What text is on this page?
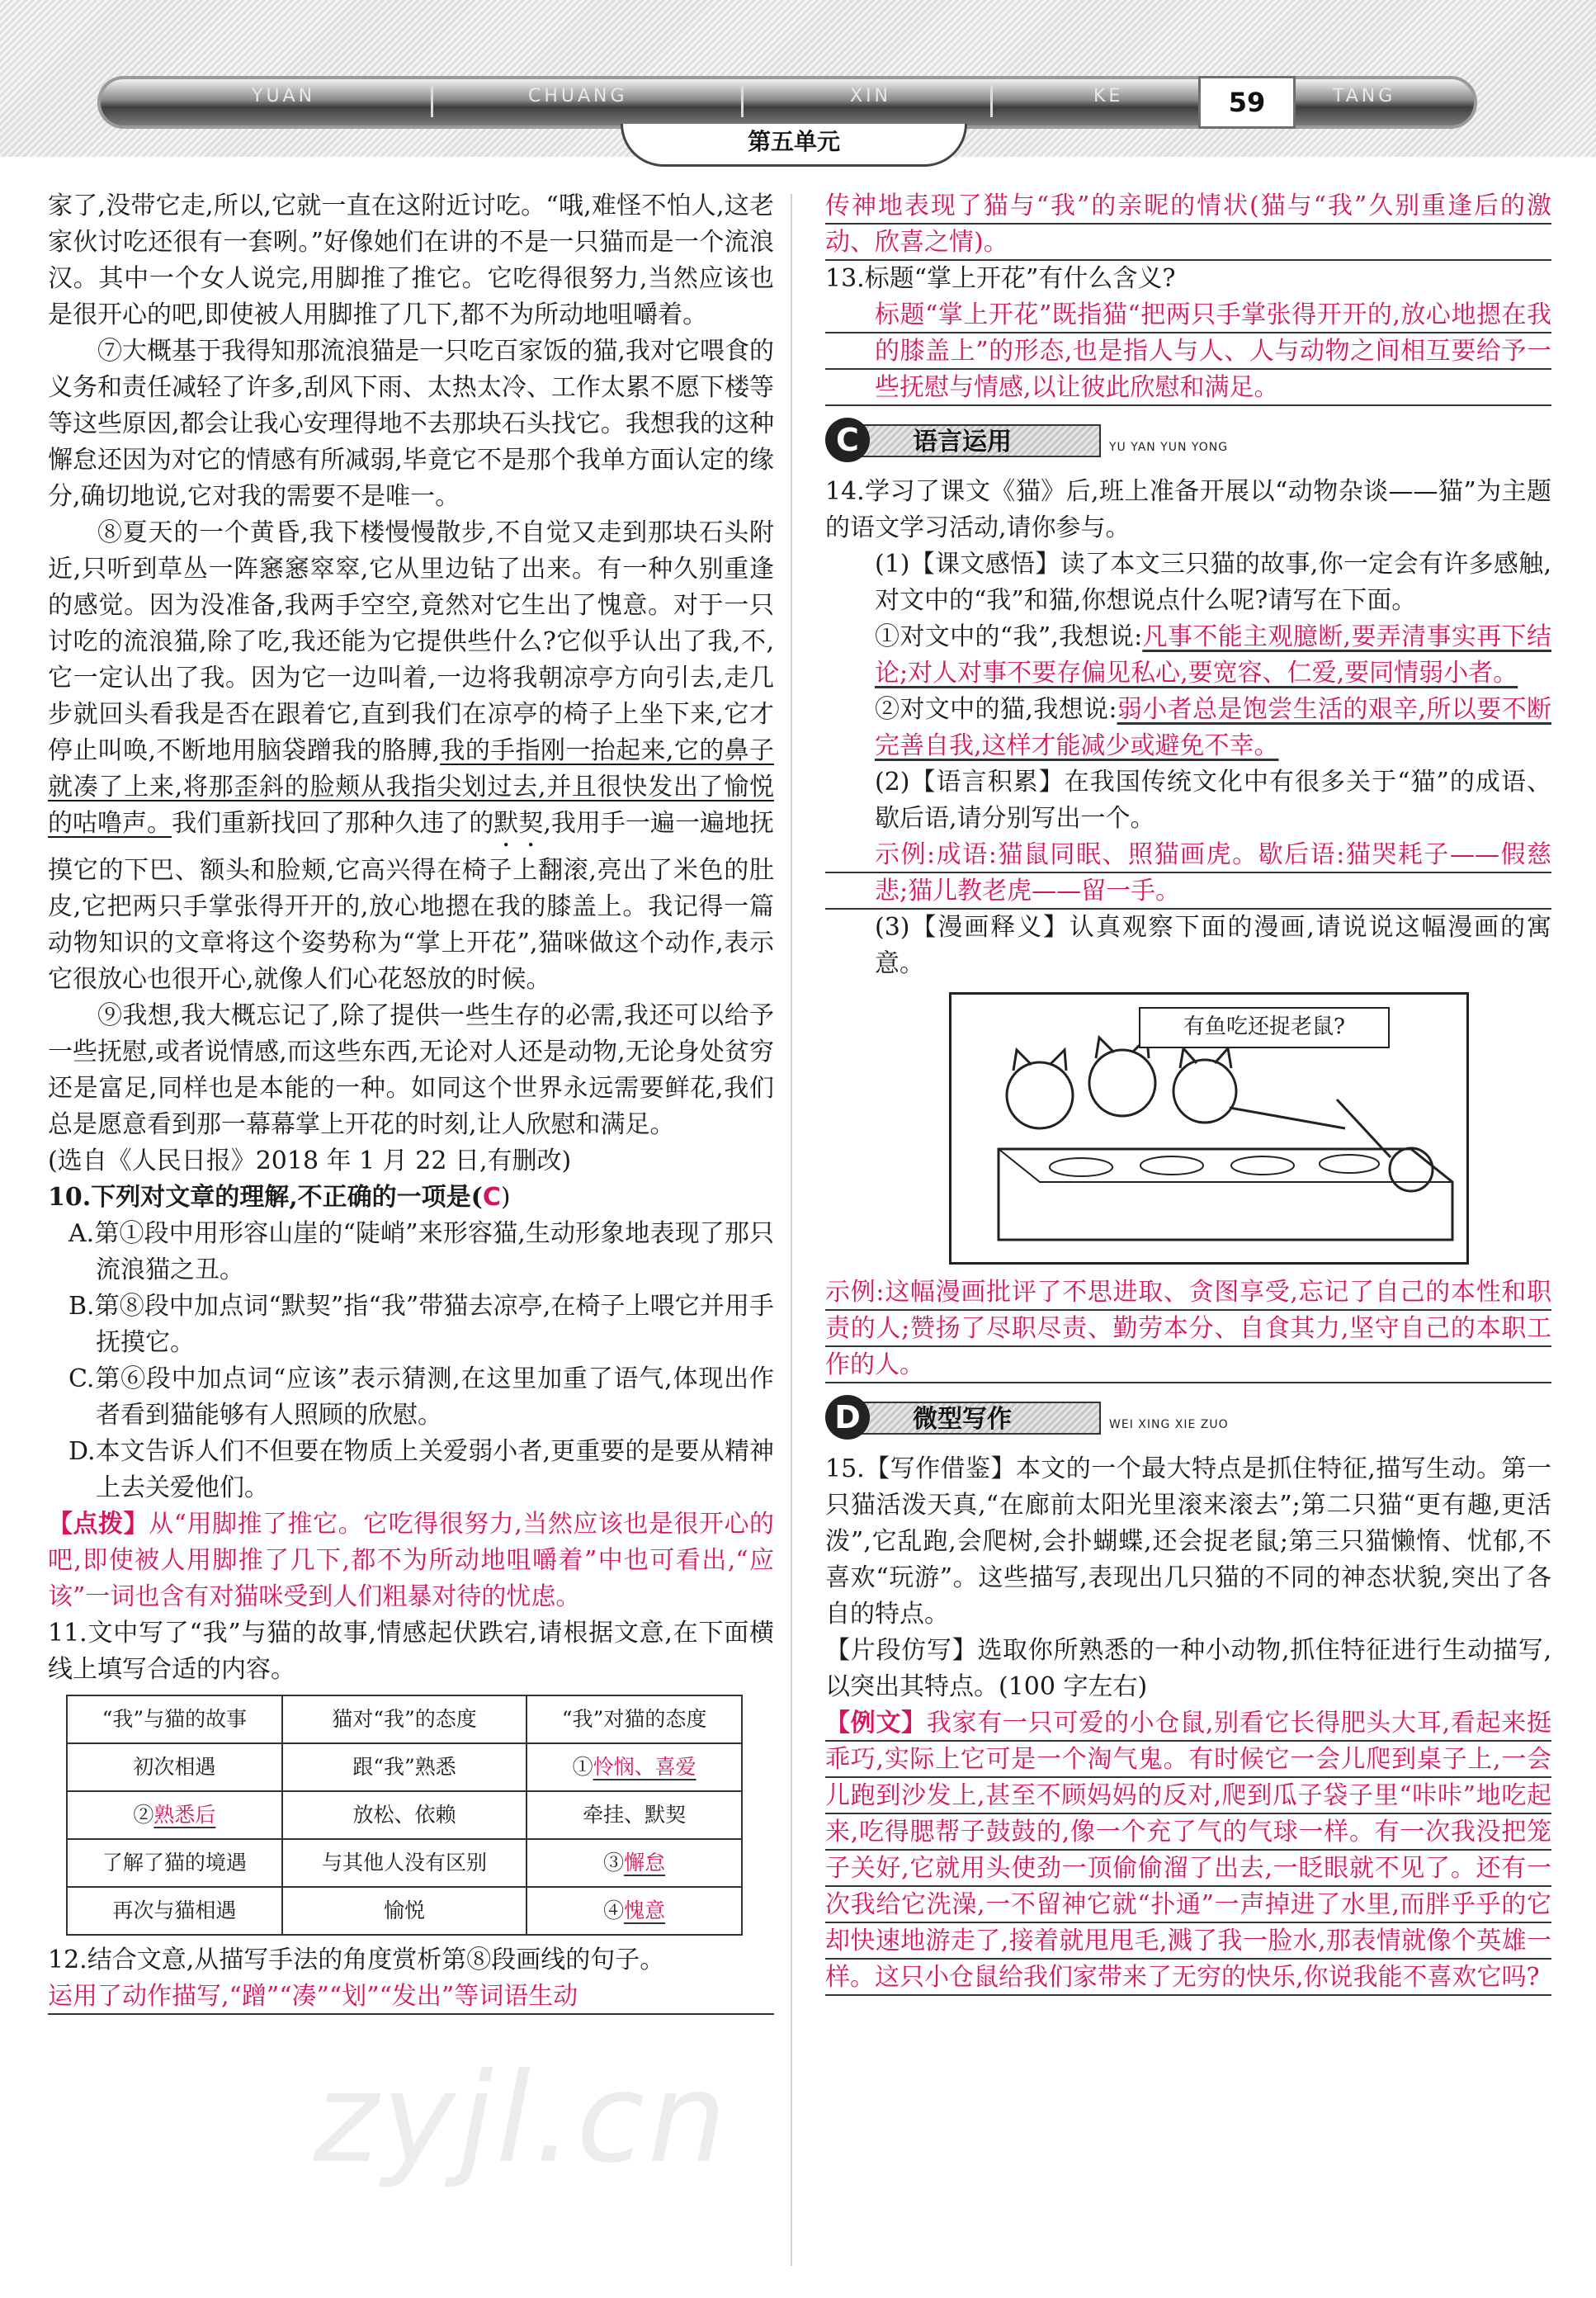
YUAN	CHUANG	XIN	KE	59	TANG
第五单元

家了,没带它走,所以,它就一直在这附近讨吃。“哦,难怪不怕人,这老家伙讨吃还很有一套咧。”好像她们在讲的不是一只猫而是一个流浪汉。其中一个女人说完,用脚推了推它。它吃得很努力,当然应该也是很开心的吧,即使被人用脚推了几下,都不为所动地咀嚼着。

⑦大概基于我得知那流浪猫是一只吃百家饭的猫,我对它喂食的义务和责任减轻了许多,刮风下雨、太热太冷、工作太累不愿下楼等等这些原因,都会让我心安理得地不去那块石头找它。我想我的这种懈怠还因为对它的情感有所减弱,毕竟它不是那个我单方面认定的缘分,确切地说,它对我的需要不是唯一。

⑧夏天的一个黄昏,我下楼慢慢散步,不自觉又走到那块石头附近,只听到草丛一阵窸窸窣窣,它从里边钻了出来。有一种久别重逢的感觉。因为没准备,我两手空空,竟然对它生出了愧意。对于一只讨吃的流浪猫,除了吃,我还能为它提供些什么?它似乎认出了我,不,它一定认出了我。因为它一边叫着,一边将我朝凉亭方向引去,走几步就回头看我是否在跟着它,直到我们在凉亭的椅子上坐下来,它才停止叫唤,不断地用脑袋蹭我的胳膊,我的手指刚一抬起来,它的鼻子就凑了上来,将那歪斜的脸颊从我指尖划过去,并且很快发出了愉悦的咕噜声。我们重新找回了那种久违了的默契,我用手一遍一遍地抚摸它的下巴、额头和脸颊,它高兴得在椅子上翻滚,亮出了米色的肚皮,它把两只手掌张得开开的,放心地摁在我的膝盖上。我记得一篇动物知识的文章将这个姿势称为“掌上开花”,猫咪做这个动作,表示它很放心也很开心,就像人们心花怒放的时候。

⑨我想,我大概忘记了,除了提供一些生存的必需,我还可以给予一些抚慰,或者说情感,而这些东西,无论对人还是动物,无论身处贫穷还是富足,同样也是本能的一种。如同这个世界永远需要鲜花,我们总是愿意看到那一幕幕掌上开花的时刻,让人欣慰和满足。

(选自《人民日报》2018 年 1 月 22 日,有删改)

10.下列对文章的理解,不正确的一项是(C)

A.第①段中用形容山崖的“陡峭”来形容猫,生动形象地表现了那只流浪猫之丑。

B.第⑧段中加点词“默契”指“我”带猫去凉亭,在椅子上喂它并用手抚摸它。

C.第⑥段中加点词“应该”表示猜测,在这里加重了语气,体现出作者看到猫能够有人照顾的欣慰。

D.本文告诉人们不但要在物质上关爱弱小者,更重要的是要从精神上去关爱他们。

【点拨】从“用脚推了推它。它吃得很努力,当然应该也是很开心的吧,即使被人用脚推了几下,都不为所动地咀嚼着”中也可看出,“应该”一词也含有对猫咪受到人们粗暴对待的忧虑。

11.文中写了“我”与猫的故事,情感起伏跌宕,请根据文意,在下面横线上填写合适的内容。

“我”与猫的故事	猫对“我”的态度	“我”对猫的态度
初次相遇	跟“我”熟悉	①怜悯、喜爱
②熟悉后	放松、依赖	牵挂、默契
了解了猫的境遇	与其他人没有区别	③懈怠
再次与猫相遇	愉悦	④愧意

12.结合文意,从描写手法的角度赏析第⑧段画线的句子。

运用了动作描写,“蹭”“凑”“划”“发出”等词语生动

传神地表现了猫与“我”的亲昵的情状(猫与“我”久别重逢后的激动、欣喜之情)。

13.标题“掌上开花”有什么含义?

标题“掌上开花”既指猫“把两只手掌张得开开的,放心地摁在我的膝盖上”的形态,也是指人与人、人与动物之间相互要给予一些抚慰与情感,以让彼此欣慰和满足。

语言运用
C	YU YAN YUN YONG

14.学习了课文《猫》后,班上准备开展以“动物杂谈——猫”为主题的语文学习活动,请你参与。

(1)【课文感悟】读了本文三只猫的故事,你一定会有许多感触,对文中的“我”和猫,你想说点什么呢?请写在下面。

①对文中的“我”,我想说:凡事不能主观臆断,要弄清事实再下结论;对人对事不要存偏见私心,要宽容、仁爱,要同情弱小者。

②对文中的猫,我想说:弱小者总是饱尝生活的艰辛,所以要不断完善自我,这样才能减少或避免不幸。

(2)【语言积累】在我国传统文化中有很多关于“猫”的成语、歇后语,请分别写出一个。

示例:成语:猫鼠同眠、照猫画虎。歇后语:猫哭耗子——假慈悲;猫儿教老虎——留一手。

(3)【漫画释义】认真观察下面的漫画,请说说这幅漫画的寓意。

有鱼吃还捉老鼠?

示例:这幅漫画批评了不思进取、贪图享受,忘记了自己的本性和职责的人;赞扬了尽职尽责、勤劳本分、自食其力,坚守自己的本职工作的人。

微型写作
D	WEI XING XIE ZUO

15.【写作借鉴】本文的一个最大特点是抓住特征,描写生动。第一只猫活泼天真,“在廊前太阳光里滚来滚去”;第二只猫“更有趣,更活泼”,它乱跑,会爬树,会扑蝴蝶,还会捉老鼠;第三只猫懒惰、忧郁,不喜欢“玩游”。这些描写,表现出几只猫的不同的神态状貌,突出了各自的特点。

【片段仿写】选取你所熟悉的一种小动物,抓住特征进行生动描写,以突出其特点。(100 字左右)

【例文】我家有一只可爱的小仓鼠,别看它长得肥头大耳,看起来挺乖巧,实际上它可是一个淘气鬼。有时候它一会儿爬到桌子上,一会儿跑到沙发上,甚至不顾妈妈的反对,爬到瓜子袋子里“咔咔”地吃起来,吃得腮帮子鼓鼓的,像一个充了气的气球一样。有一次我没把笼子关好,它就用头使劲一顶偷偷溜了出去,一眨眼就不见了。还有一次我给它洗澡,一不留神它就“扑通”一声掉进了水里,而胖乎乎的它却快速地游走了,接着就甩甩毛,溅了我一脸水,那表情就像个英雄一样。这只小仓鼠给我们家带来了无穷的快乐,你说我能不喜欢它吗?

zyjl.cn
